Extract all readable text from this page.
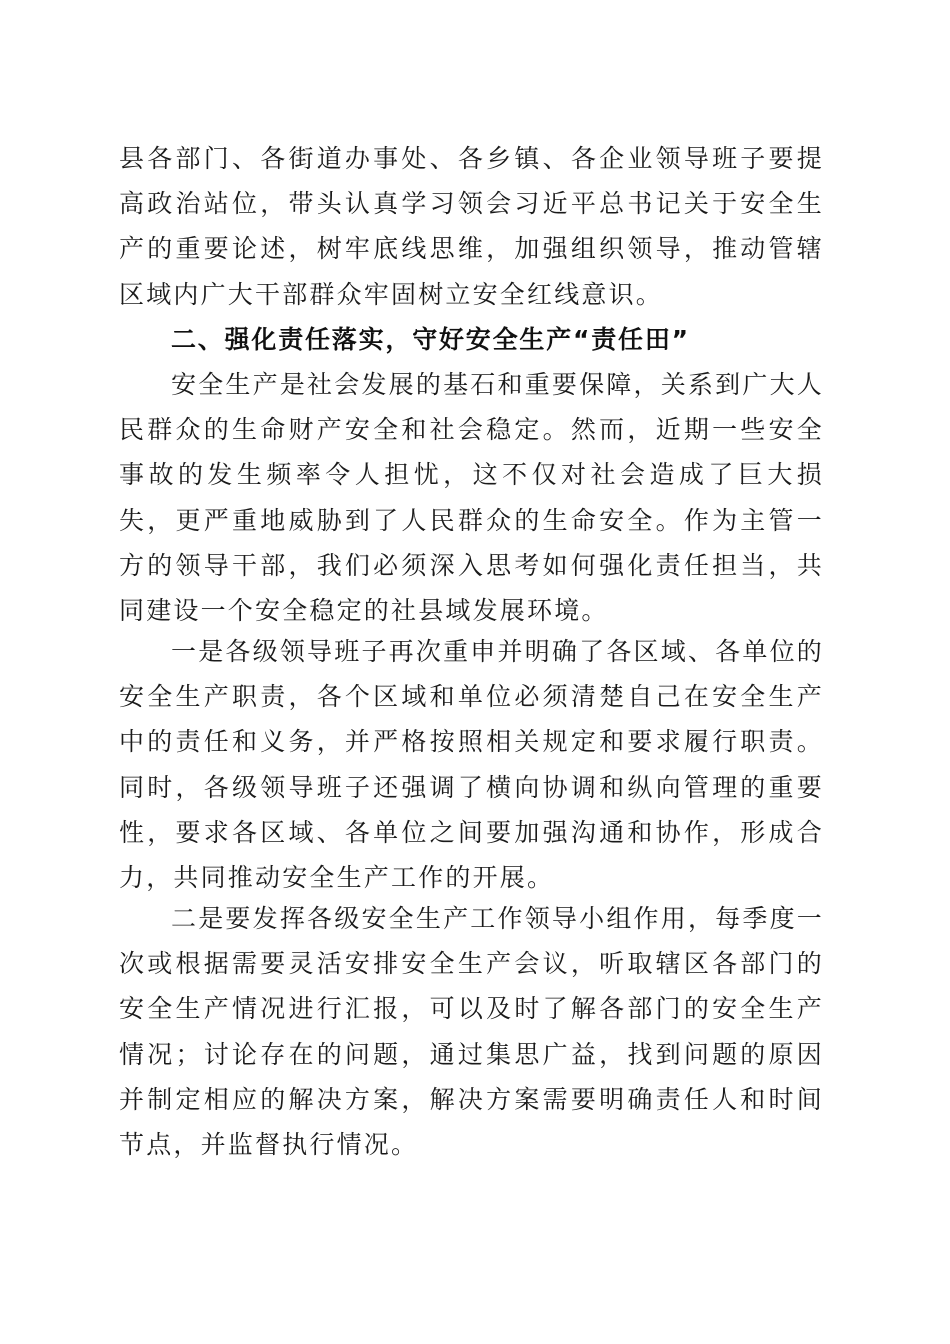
县各部门、各街道办事处、各乡镇、各企业领导班子要提高政治站位，带头认真学习领会习近平总书记关于安全生产的重要论述，树牢底线思维，加强组织领导，推动管辖区域内广大干部群众牢固树立安全红线意识。

二、强化责任落实，守好安全生产“责任田”

安全生产是社会发展的基石和重要保障，关系到广大人民群众的生命财产安全和社会稳定。然而，近期一些安全事故的发生频率令人担忧，这不仅对社会造成了巨大损失，更严重地威胁到了人民群众的生命安全。作为主管一方的领导干部，我们必须深入思考如何强化责任担当，共同建设一个安全稳定的社县域发展环境。

一是各级领导班子再次重申并明确了各区域、各单位的安全生产职责，各个区域和单位必须清楚自己在安全生产中的责任和义务，并严格按照相关规定和要求履行职责。同时，各级领导班子还强调了横向协调和纵向管理的重要性，要求各区域、各单位之间要加强沟通和协作，形成合力，共同推动安全生产工作的开展。

二是要发挥各级安全生产工作领导小组作用，每季度一次或根据需要灵活安排安全生产会议，听取辖区各部门的安全生产情况进行汇报，可以及时了解各部门的安全生产情况；讨论存在的问题，通过集思广益，找到问题的原因并制定相应的解决方案，解决方案需要明确责任人和时间节点，并监督执行情况。
